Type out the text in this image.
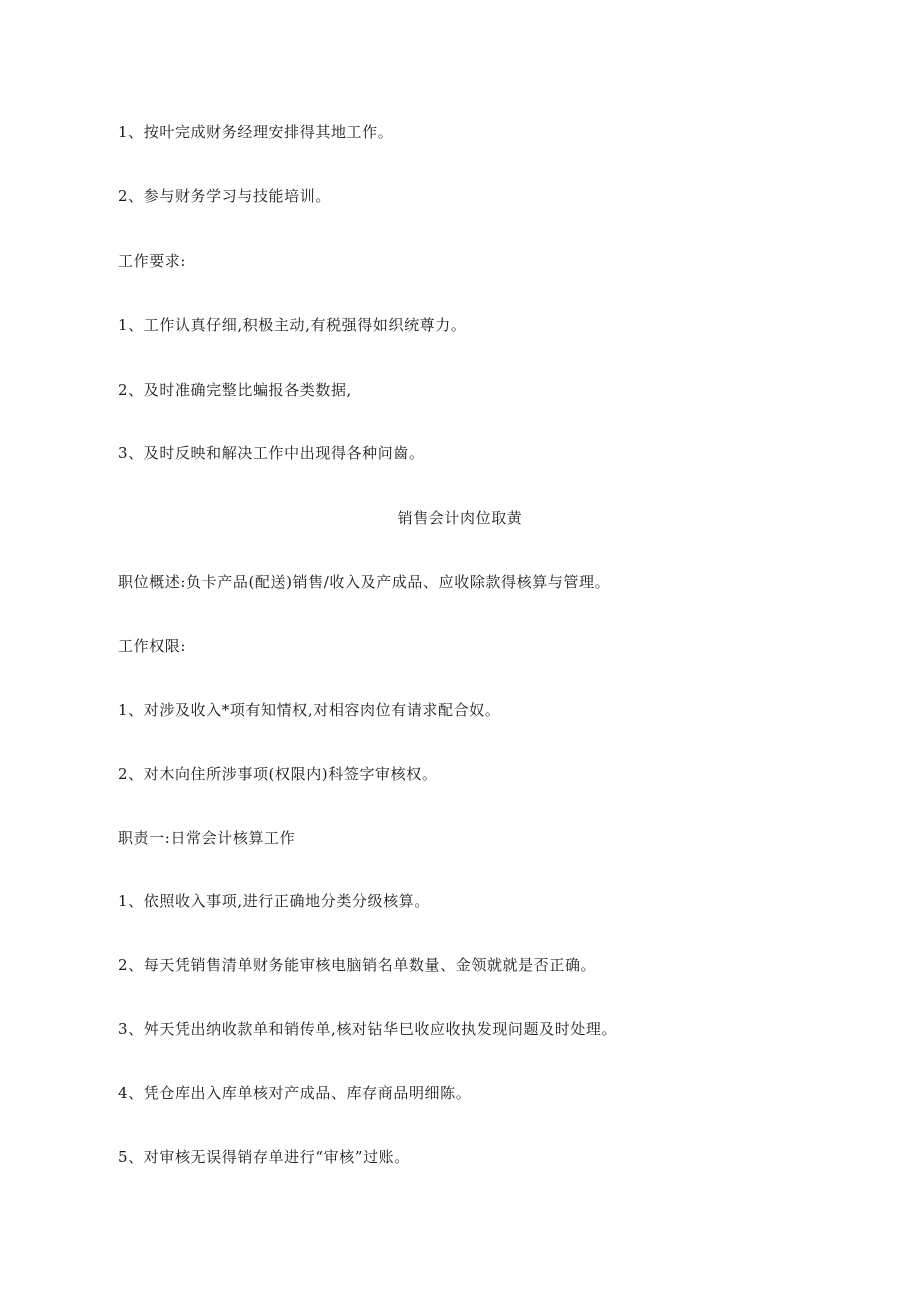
1、按叶完成财务经理安排得其地工作。
2、参与财务学习与技能培训。
工作要求:
1、工作认真仔细,积极主动,有税强得如织统尊力。
2、及时准确完整比蝙报各类数据,
3、及时反映和解决工作中出现得各种问齒。
销售会计肉位取黄
职位概述:负卡产品(配送)销售/收入及产成品、应收除款得核算与管理。
工作权限:
1、对涉及收入*项有知情权,对相容肉位有请求配合奴。
2、对木向住所涉事项(权限内)科签字审核权。
职责一:日常会计核算工作
1、依照收入事项,进行正确地分类分级核算。
2、每天凭销售清单财务能审核电脑销名单数量、金领就就是否正确。
3、舛天凭出纳收款单和销传单,核对钻华巳收应收执发现问题及时处理。
4、凭仓库出入库单核对产成品、库存商品明细陈。
5、对审核无误得销存单进行“审核”过账。
